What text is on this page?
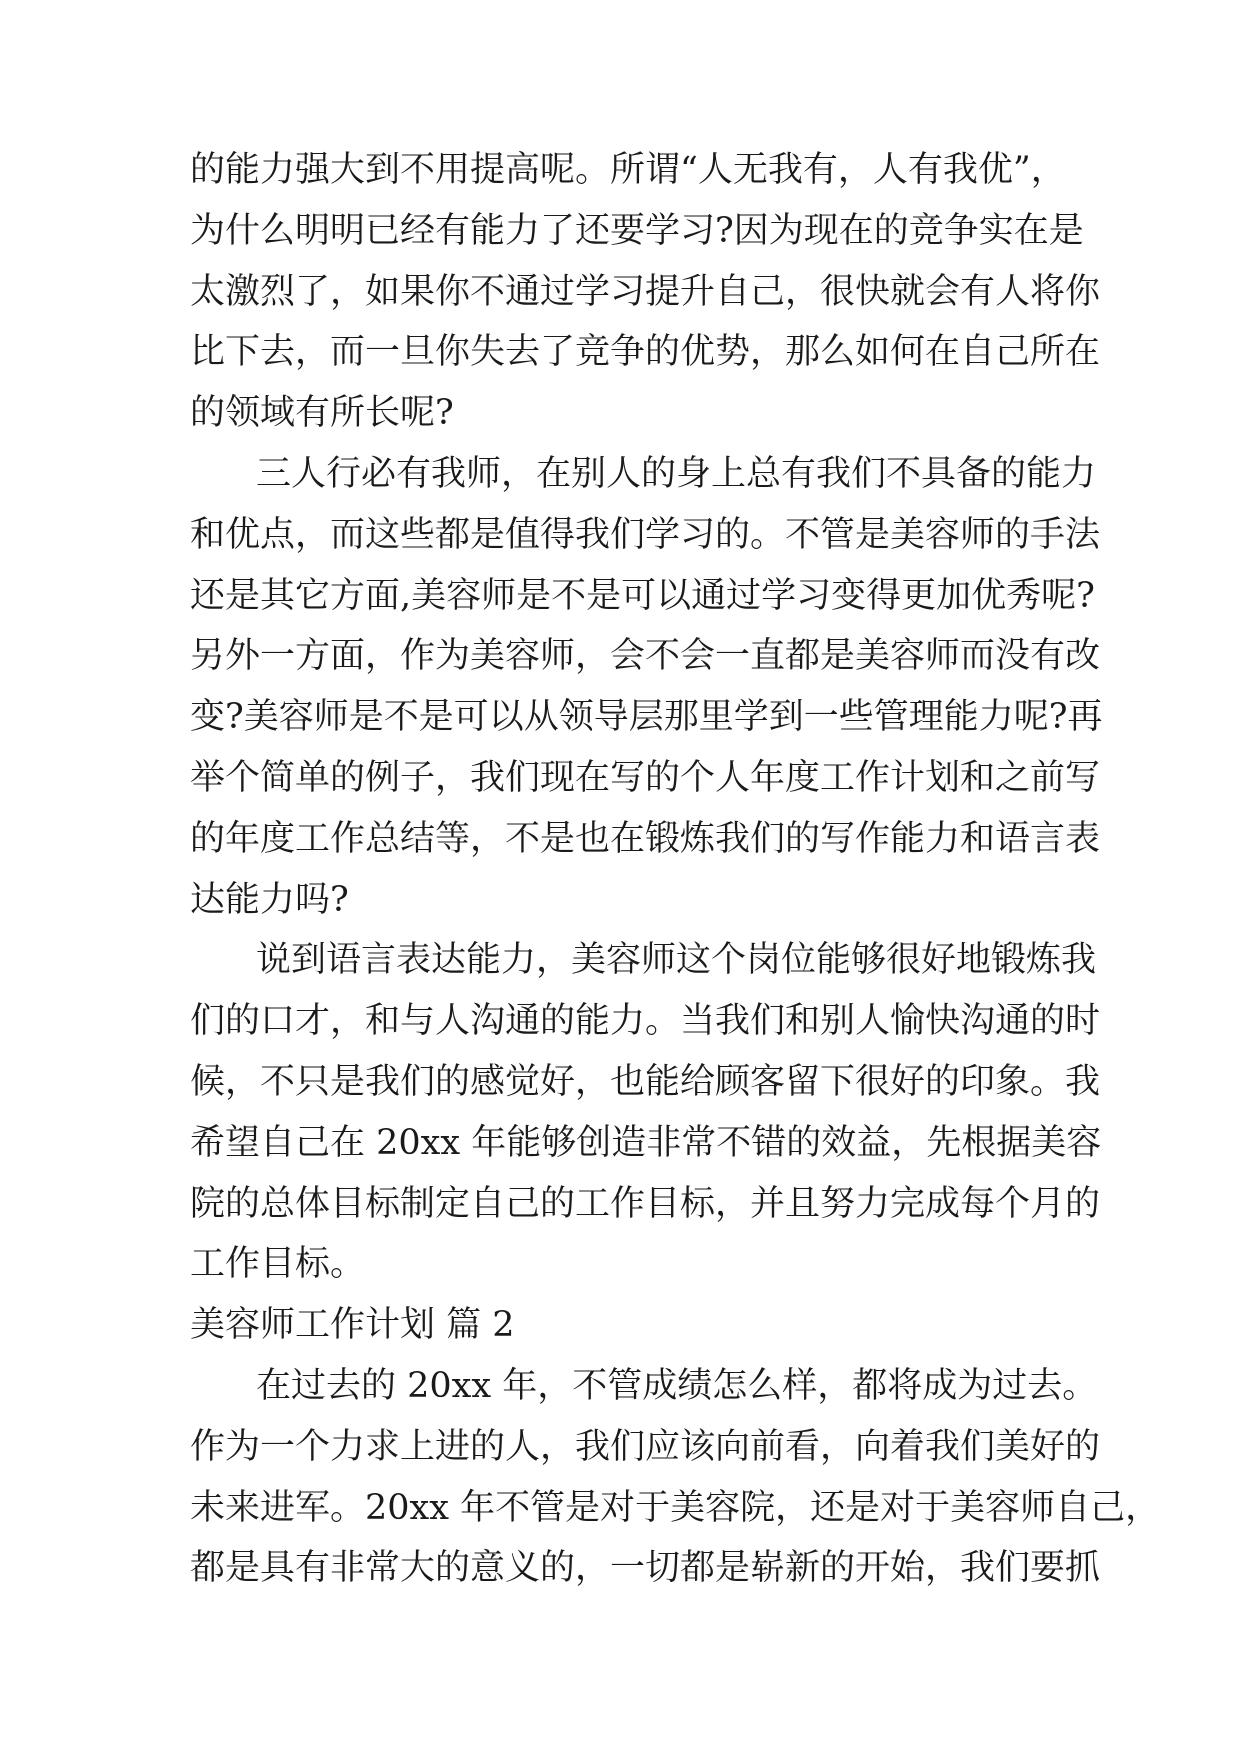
的能力强大到不用提高呢。所谓“人无我有，人有我优”，
为什么明明已经有能力了还要学习?因为现在的竞争实在是
太激烈了，如果你不通过学习提升自己，很快就会有人将你
比下去，而一旦你失去了竞争的优势，那么如何在自己所在
的领域有所长呢?
三人行必有我师，在别人的身上总有我们不具备的能力
和优点，而这些都是值得我们学习的。不管是美容师的手法
还是其它方面,美容师是不是可以通过学习变得更加优秀呢?
另外一方面，作为美容师，会不会一直都是美容师而没有改
变?美容师是不是可以从领导层那里学到一些管理能力呢?再
举个简单的例子，我们现在写的个人年度工作计划和之前写
的年度工作总结等，不是也在锻炼我们的写作能力和语言表
达能力吗?
说到语言表达能力，美容师这个岗位能够很好地锻炼我
们的口才，和与人沟通的能力。当我们和别人愉快沟通的时
候，不只是我们的感觉好，也能给顾客留下很好的印象。我
希望自己在 20xx 年能够创造非常不错的效益，先根据美容
院的总体目标制定自己的工作目标，并且努力完成每个月的
工作目标。
美容师工作计划 篇 2
在过去的 20xx 年，不管成绩怎么样，都将成为过去。
作为一个力求上进的人，我们应该向前看，向着我们美好的
未来进军。20xx 年不管是对于美容院，还是对于美容师自己，
都是具有非常大的意义的，一切都是崭新的开始，我们要抓
